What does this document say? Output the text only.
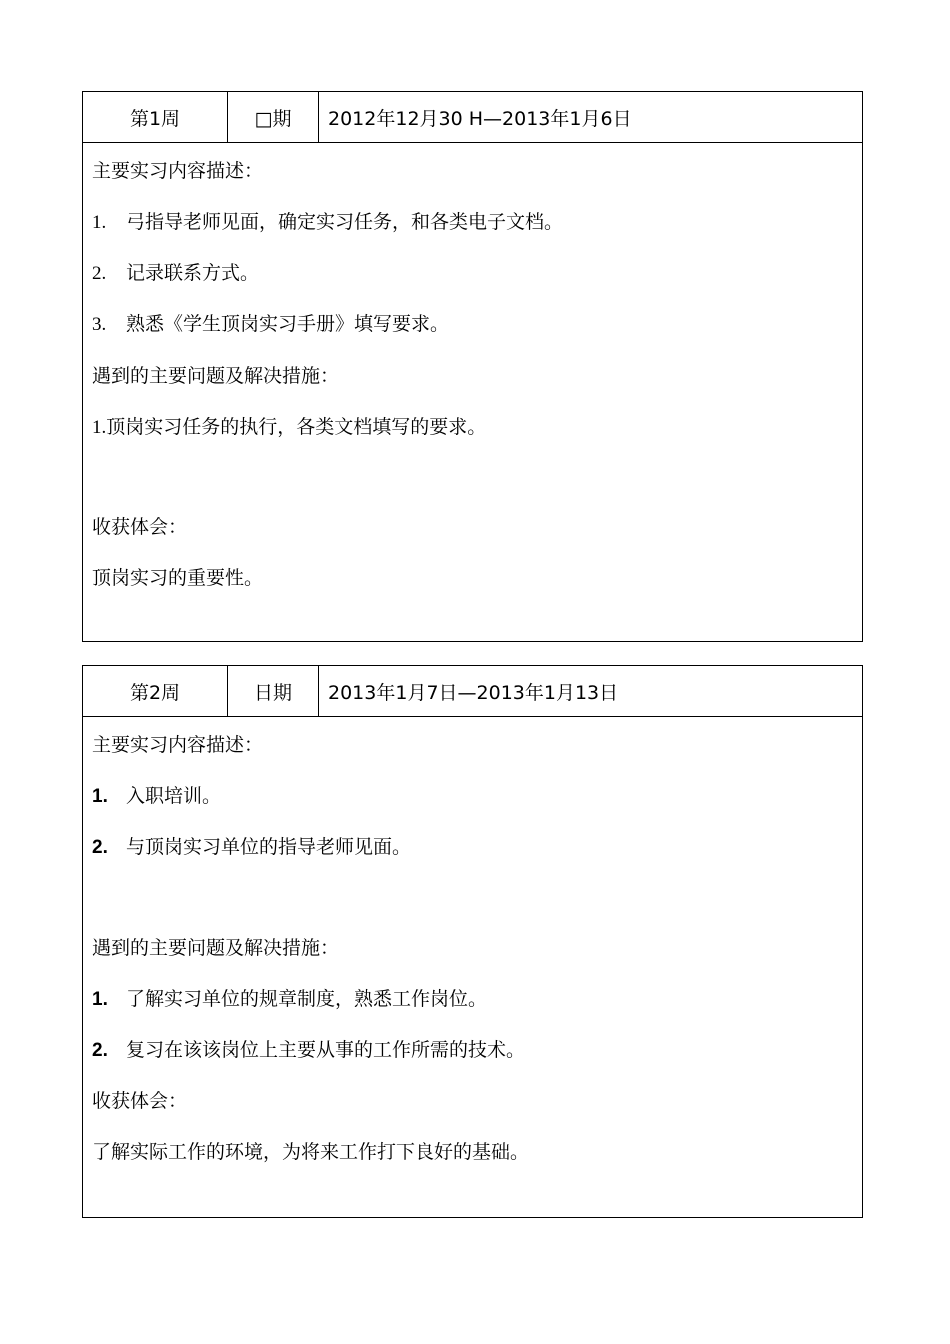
第1周	□期	2012年12月30 H—2013年1月6日
主要实习内容描述：
1. 弓指导老师见面，确定实习任务，和各类电子文档。
2. 记录联系方式。
3. 熟悉《学生顶岗实习手册》填写要求。
遇到的主要问题及解决措施：
1.顶岗实习任务的执行，各类文档填写的要求。
收获体会：
顶岗实习的重要性。
第2周	日期	2013年1月7日—2013年1月13日
主要实习内容描述：
1. 入职培训。
2. 与顶岗实习单位的指导老师见面。
遇到的主要问题及解决措施：
1. 了解实习单位的规章制度，熟悉工作岗位。
2. 复习在该该岗位上主要从事的工作所需的技术。
收获体会：
了解实际工作的环境，为将来工作打下良好的基础。
